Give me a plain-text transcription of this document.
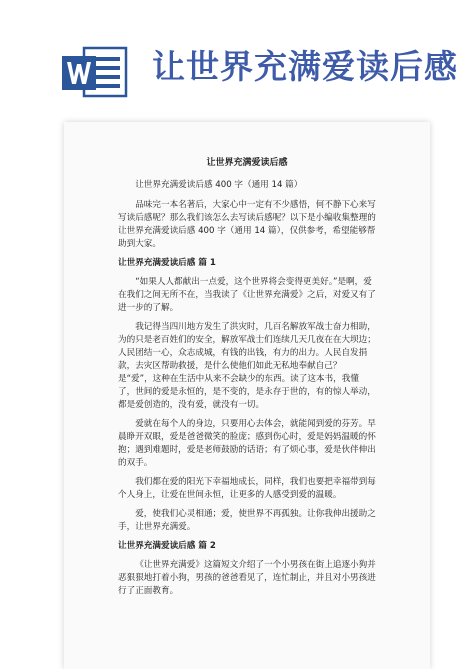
让世界充满爱读后感
让世界充满爱读后感

让世界充满爱读后感 400 字（通用 14 篇）

品味完一本名著后，大家心中一定有不少感悟，何不静下心来写写读后感呢？那么我们该怎么去写读后感呢？以下是小编收集整理的让世界充满爱读后感 400 字（通用 14 篇），仅供参考，希望能够帮助到大家。

让世界充满爱读后感 篇 1

“如果人人都献出一点爱，这个世界将会变得更美好。”是啊，爱在我们之间无所不在，当我读了《让世界充满爱》之后，对爱又有了进一步的了解。

我记得当四川地方发生了洪灾时，几百名解放军战士奋力相助，为的只是老百姓们的安全，解放军战士们连续几天几夜在在大坝边；人民团结一心，众志成城，有钱的出钱，有力的出力。人民自发捐款，去灾区帮助救援，是什么使他们如此无私地奉献自己？是“爱”，这种在生活中从来不会缺少的东西。读了这本书，我懂了，世间的爱是永恒的，是不变的，是永存于世的，有的惊人举动，都是爱创造的，没有爱，就没有一切。

爱就在每个人的身边，只要用心去体会，就能闻到爱的芬芳。早晨睁开双眼，爱是爸爸微笑的脸庞；感到伤心时，爱是妈妈温暖的怀抱；遇到难题时，爱是老师鼓励的话语；有了烦心事，爱是伙伴伸出的双手。

我们都在爱的阳光下幸福地成长，同样，我们也要把幸福带到每个人身上，让爱在世间永恒，让更多的人感受到爱的温暖。

爱，使我们心灵相通；爱，使世界不再孤独。让你我伸出援助之手，让世界充满爱。

让世界充满爱读后感 篇 2

《让世界充满爱》这篇短文介绍了一个小男孩在街上追逐小狗并恶狠狠地打着小狗，男孩的爸爸看见了，连忙制止，并且对小男孩进行了正面教育。
